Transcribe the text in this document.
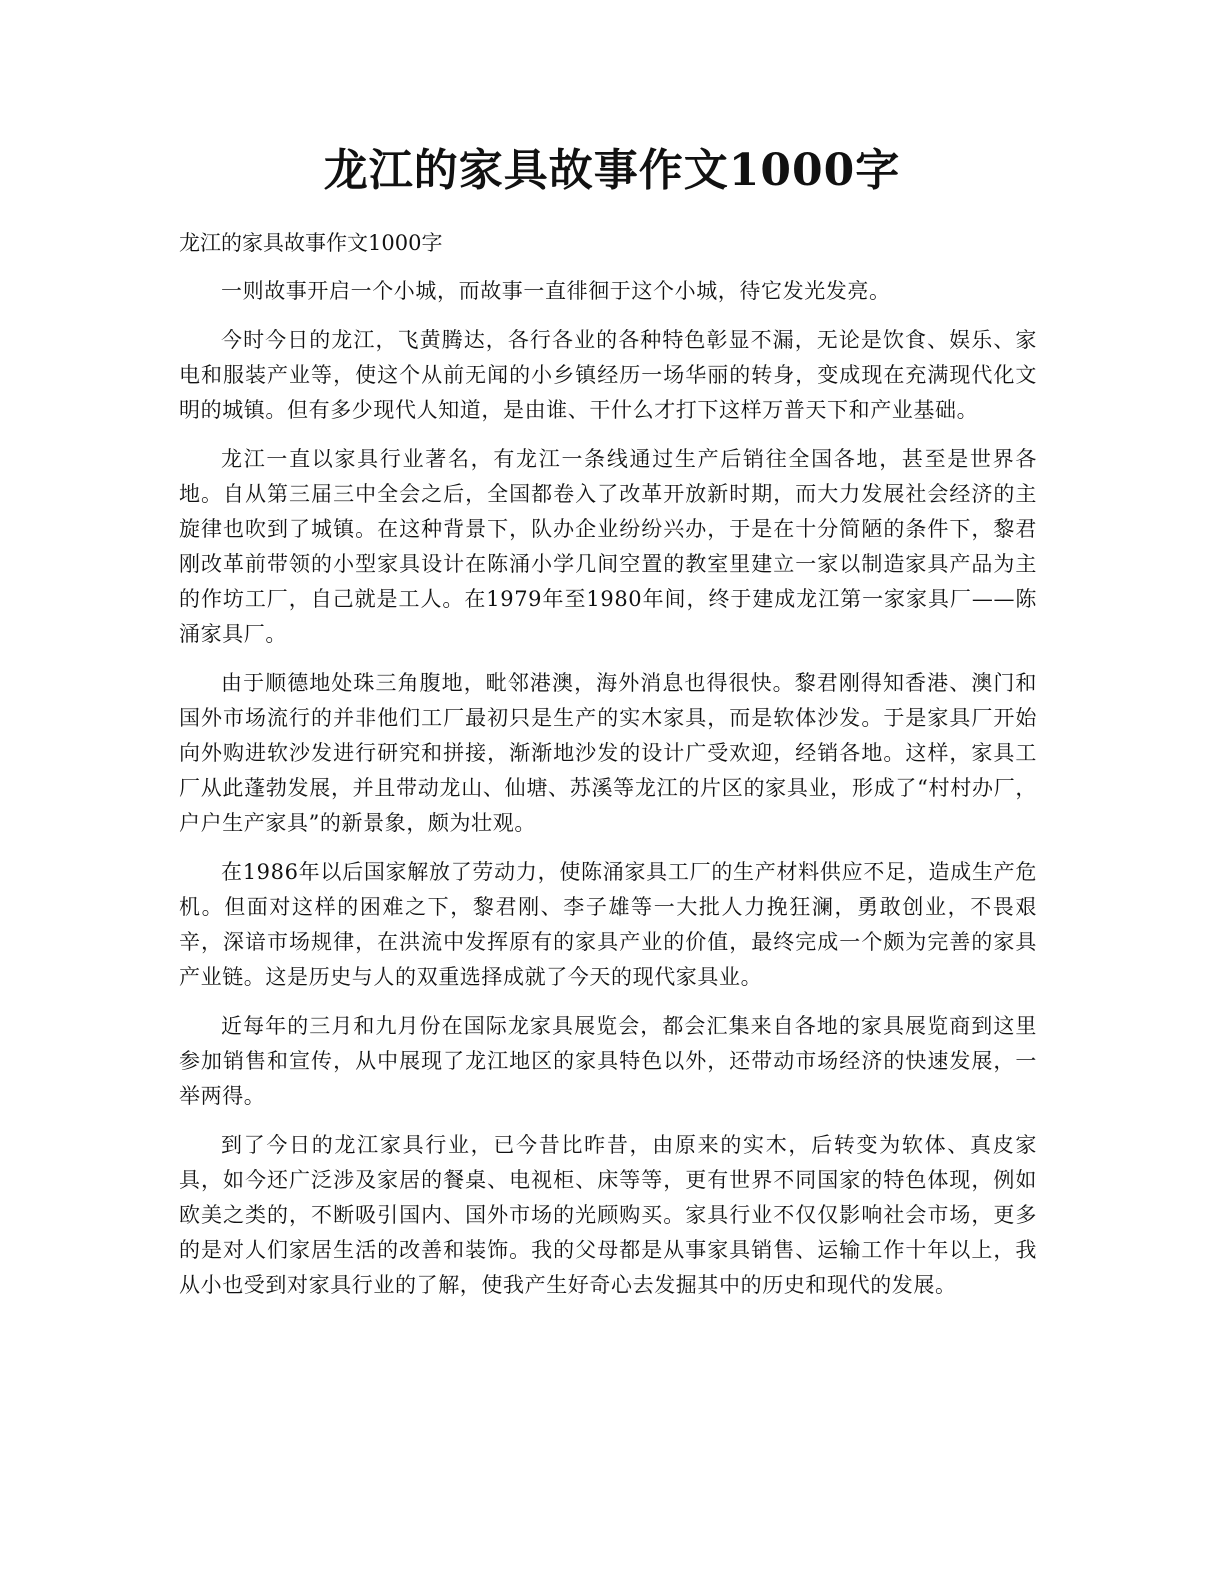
龙江的家具故事作文1000字

龙江的家具故事作文1000字

一则故事开启一个小城，而故事一直徘徊于这个小城，待它发光发亮。

今时今日的龙江，飞黄腾达，各行各业的各种特色彰显不漏，无论是饮食、娱乐、家电和服装产业等，使这个从前无闻的小乡镇经历一场华丽的转身，变成现在充满现代化文明的城镇。但有多少现代人知道，是由谁、干什么才打下这样万普天下和产业基础。

龙江一直以家具行业著名，有龙江一条线通过生产后销往全国各地，甚至是世界各地。自从第三届三中全会之后，全国都卷入了改革开放新时期，而大力发展社会经济的主旋律也吹到了城镇。在这种背景下，队办企业纷纷兴办，于是在十分简陋的条件下，黎君刚改革前带领的小型家具设计在陈涌小学几间空置的教室里建立一家以制造家具产品为主的作坊工厂，自己就是工人。在1979年至1980年间，终于建成龙江第一家家具厂——陈涌家具厂。

由于顺德地处珠三角腹地，毗邻港澳，海外消息也得很快。黎君刚得知香港、澳门和国外市场流行的并非他们工厂最初只是生产的实木家具，而是软体沙发。于是家具厂开始向外购进软沙发进行研究和拼接，渐渐地沙发的设计广受欢迎，经销各地。这样，家具工厂从此蓬勃发展，并且带动龙山、仙塘、苏溪等龙江的片区的家具业，形成了“村村办厂，户户生产家具”的新景象，颇为壮观。

在1986年以后国家解放了劳动力，使陈涌家具工厂的生产材料供应不足，造成生产危机。但面对这样的困难之下，黎君刚、李子雄等一大批人力挽狂澜，勇敢创业，不畏艰辛，深谙市场规律，在洪流中发挥原有的家具产业的价值，最终完成一个颇为完善的家具产业链。这是历史与人的双重选择成就了今天的现代家具业。

近每年的三月和九月份在国际龙家具展览会，都会汇集来自各地的家具展览商到这里参加销售和宣传，从中展现了龙江地区的家具特色以外，还带动市场经济的快速发展，一举两得。

到了今日的龙江家具行业，已今昔比昨昔，由原来的实木，后转变为软体、真皮家具，如今还广泛涉及家居的餐桌、电视柜、床等等，更有世界不同国家的特色体现，例如欧美之类的，不断吸引国内、国外市场的光顾购买。家具行业不仅仅影响社会市场，更多的是对人们家居生活的改善和装饰。我的父母都是从事家具销售、运输工作十年以上，我从小也受到对家具行业的了解，使我产生好奇心去发掘其中的历史和现代的发展。
